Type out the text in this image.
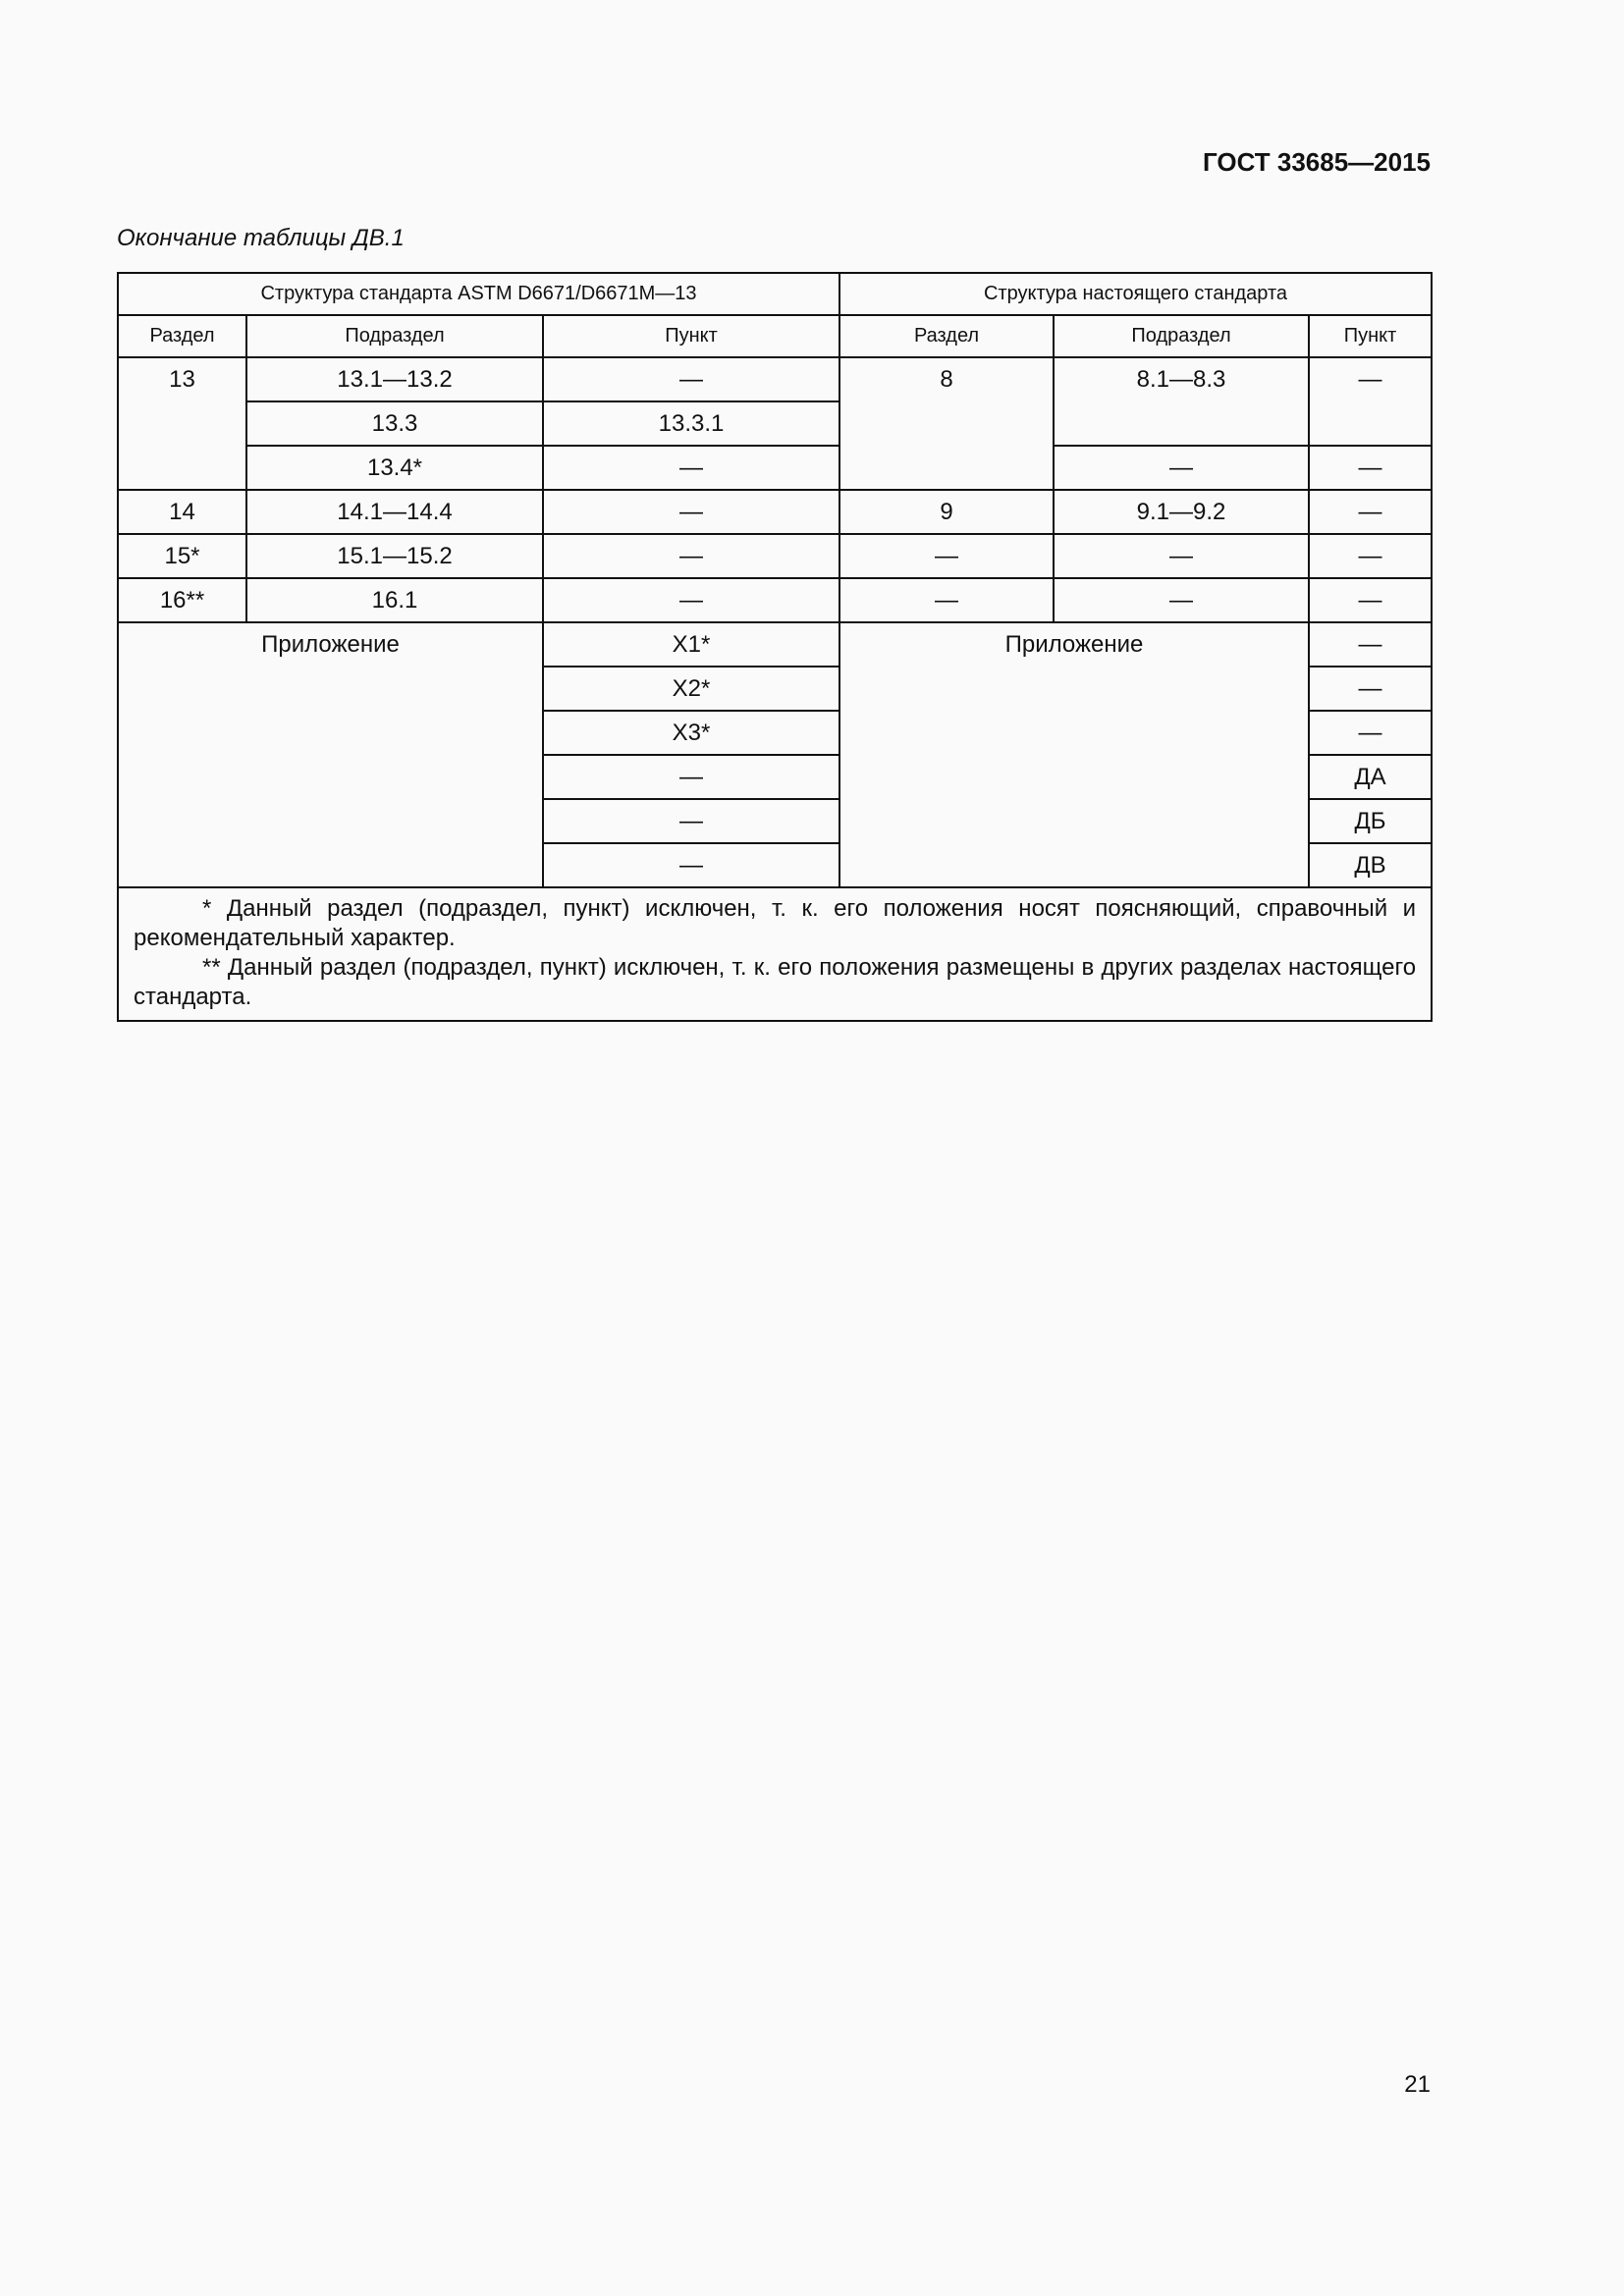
ГОСТ 33685—2015
Окончание таблицы ДВ.1
Структура стандарта ASTM D6671/D6671M—13			Структура настоящего стандарта		
Раздел	Подраздел	Пункт	Раздел	Подраздел	Пункт
13	13.1—13.2	—	8	8.1—8.3	—
	13.3	13.3.1			
	13.4*	—		—	—
14	14.1—14.4	—	9	9.1—9.2	—
15*	15.1—15.2	—	—	—	—
16**	16.1	—	—	—	—
Приложение		X1*	Приложение		—
		X2*			—
		X3*			—
		—			ДА
		—			ДБ
		—			ДВ

* Данный раздел (подраздел, пункт) исключен, т. к. его положения носят поясняющий, справочный и рекомендательный характер.

** Данный раздел (подраздел, пункт) исключен, т. к. его положения размещены в других разделах настоящего стандарта.					

21
